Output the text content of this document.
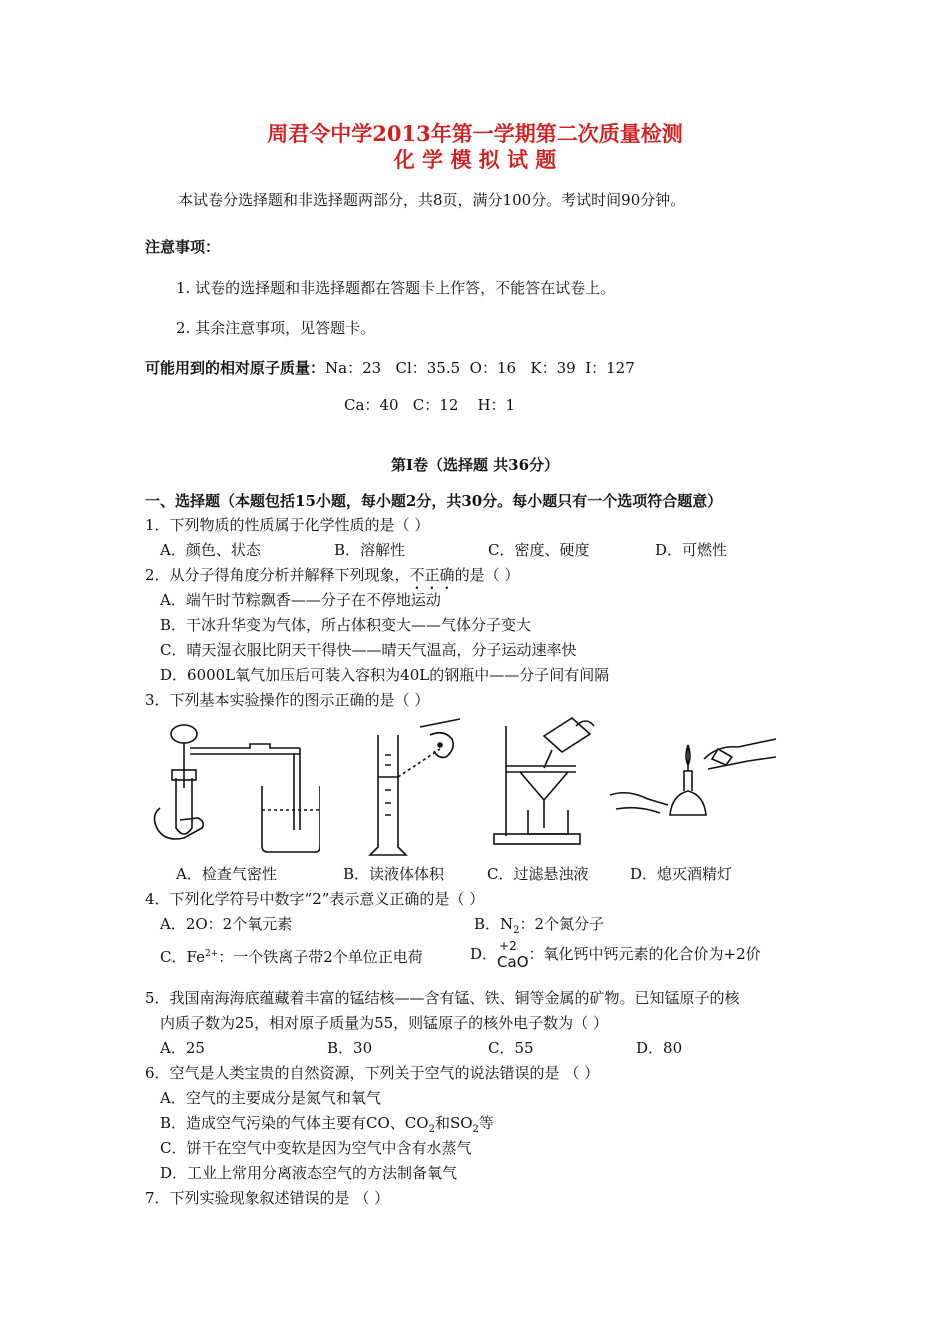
周君令中学2013年第一学期第二次质量检测
化 学 模 拟 试 题
本试卷分选择题和非选择题两部分，共8页，满分100分。考试时间90分钟。
注意事项：
1. 试卷的选择题和非选择题都在答题卡上作答，不能答在试卷上。
2. 其余注意事项，见答题卡。
可能用到的相对原子质量：Na：23   Cl：35.5  O：16   K：39  I：127
Ca：40   C：12    H：1
第Ⅰ卷（选择题 共36分）
一、选择题（本题包括15小题，每小题2分，共30分。每小题只有一个选项符合题意）
1．下列物质的性质属于化学性质的是（ ）
A．颜色、状态	B．溶解性	C．密度、硬度	D．可燃性
2．从分子得角度分析并解释下列现象，不正确的是（ ）
A．端午时节粽飘香——分子在不停地运动
B．干冰升华变为气体，所占体积变大——气体分子变大
C．晴天湿衣服比阴天干得快——晴天气温高，分子运动速率快
D．6000L氧气加压后可装入容积为40L的钢瓶中——分子间有间隔
3．下列基本实验操作的图示正确的是（ ）
A．检查气密性	B．读液体体积	C．过滤悬浊液	D．熄灭酒精灯
4．下列化学符号中数字“2”表示意义正确的是（ ）
A．2O：2个氧元素	B．$N_2$：2个氮分子
C．$Fe^{2+}$：一个铁离子带2个单位正电荷	D． +2
CaO：氧化钙中钙元素的化合价为+2价
5．我国南海海底蕴藏着丰富的锰结核——含有锰、铁、铜等金属的矿物。已知锰原子的核
内质子数为25，相对原子质量为55，则锰原子的核外电子数为（ ）
A．25	B．30	C．55	D．80
6．空气是人类宝贵的自然资源，下列关于空气的说法错误的是 （ ）
A．空气的主要成分是氮气和氧气
B．造成空气污染的气体主要有CO、$CO_2$和$SO_2$等
C．饼干在空气中变软是因为空气中含有水蒸气
D．工业上常用分离液态空气的方法制备氧气
7．下列实验现象叙述错误的是 （ ）
